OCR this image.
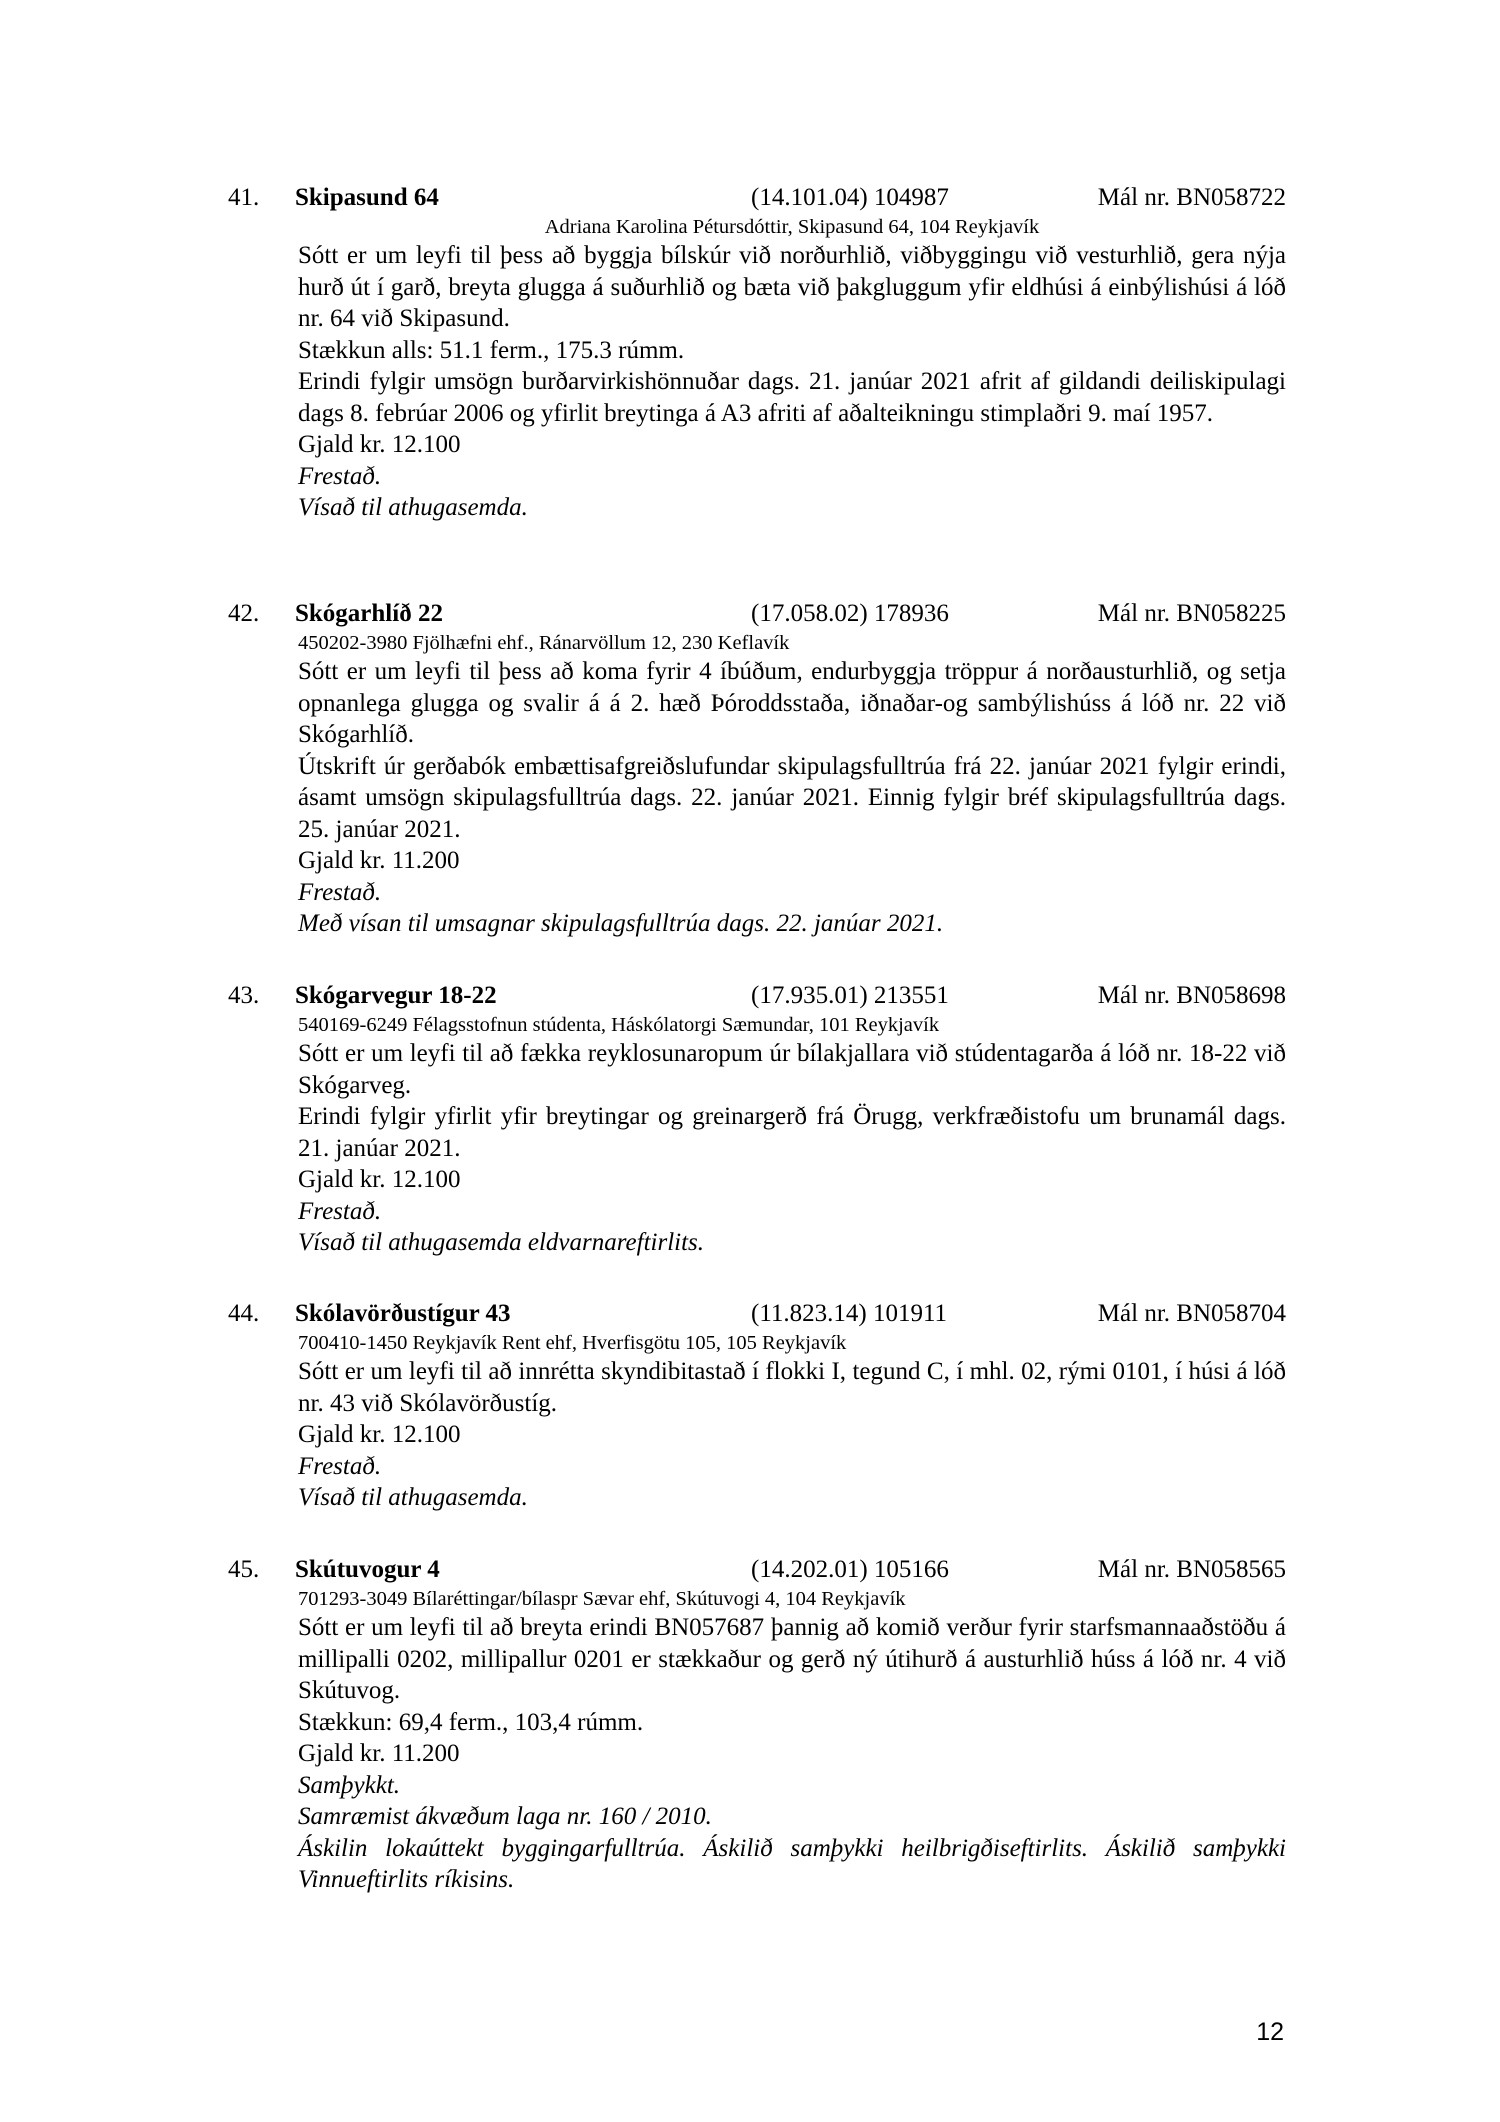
41. Skipasund 64	(14.101.04) 104987	Mál nr. BN058722
Adriana Karolina Pétursdóttir, Skipasund 64, 104 Reykjavík

Sótt er um leyfi til þess að byggja bílskúr við norðurhlið, viðbyggingu við vesturhlið, gera nýja hurð út í garð, breyta glugga á suðurhlið og bæta við þakgluggum yfir eldhúsi á einbýlishúsi á lóð nr. 64 við Skipasund.

Stækkun alls: 51.1 ferm., 175.3 rúmm.

Erindi fylgir umsögn burðarvirkishönnuðar dags. 21. janúar 2021 afrit af gildandi deiliskipulagi dags 8. febrúar 2006 og yfirlit breytinga á A3 afriti af aðalteikningu stimplaðri 9. maí 1957.

Gjald kr. 12.100

Frestað.

Vísað til athugasemda.

42. Skógarhlíð 22	(17.058.02) 178936	Mál nr. BN058225
450202-3980 Fjölhæfni ehf., Ránarvöllum 12, 230 Keflavík

Sótt er um leyfi til þess að koma fyrir 4 íbúðum, endurbyggja tröppur á norðausturhlið, og setja opnanlega glugga og svalir á á 2. hæð Þóroddsstaða, iðnaðar-og sambýlishúss á lóð nr. 22 við Skógarhlíð.

Útskrift úr gerðabók embættisafgreiðslufundar skipulagsfulltrúa frá 22. janúar 2021 fylgir erindi, ásamt umsögn skipulagsfulltrúa dags. 22. janúar 2021. Einnig fylgir bréf skipulagsfulltrúa dags. 25. janúar 2021.

Gjald kr. 11.200

Frestað.

Með vísan til umsagnar skipulagsfulltrúa dags. 22. janúar 2021.

43. Skógarvegur 18-22	(17.935.01) 213551	Mál nr. BN058698
540169-6249 Félagsstofnun stúdenta, Háskólatorgi Sæmundar, 101 Reykjavík

Sótt er um leyfi til að fækka reyklosunaropum úr bílakjallara við stúdentagarða á lóð nr. 18-22 við Skógarveg.

Erindi fylgir yfirlit yfir breytingar og greinargerð frá Örugg, verkfræðistofu um brunamál dags. 21. janúar 2021.

Gjald kr. 12.100

Frestað.

Vísað til athugasemda eldvarnareftirlits.

44. Skólavörðustígur 43	(11.823.14) 101911	Mál nr. BN058704
700410-1450 Reykjavík Rent ehf, Hverfisgötu 105, 105 Reykjavík

Sótt er um leyfi til að innrétta skyndibitastað í flokki I, tegund C, í mhl. 02, rými 0101, í húsi á lóð nr. 43 við Skólavörðustíg.

Gjald kr. 12.100

Frestað.

Vísað til athugasemda.

45. Skútuvogur 4	(14.202.01) 105166	Mál nr. BN058565
701293-3049 Bílaréttingar/bílaspr Sævar ehf, Skútuvogi 4, 104 Reykjavík

Sótt er um leyfi til að breyta erindi BN057687 þannig að komið verður fyrir starfsmannaaðstöðu á millipalli 0202, millipallur 0201 er stækkaður og gerð ný útihurð á austurhlið húss á lóð nr. 4 við Skútuvog.

Stækkun: 69,4 ferm., 103,4 rúmm.

Gjald kr. 11.200

Samþykkt.

Samræmist ákvæðum laga nr. 160 / 2010.

Áskilin lokaúttekt byggingarfulltrúa. Áskilið samþykki heilbrigðiseftirlits. Áskilið samþykki Vinnueftirlits ríkisins.

12
